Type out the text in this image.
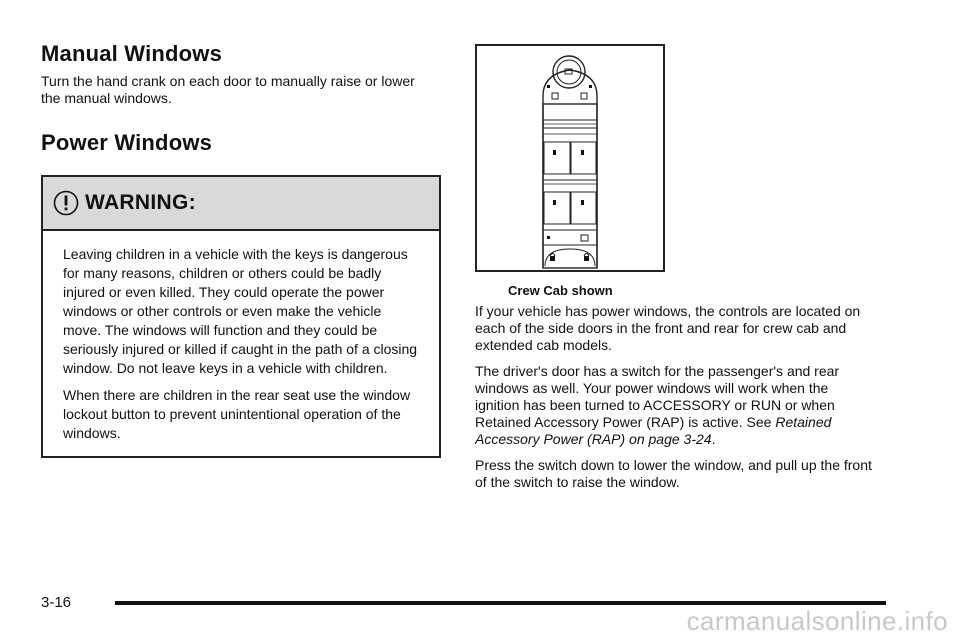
Manual Windows

Turn the hand crank on each door to manually raise or lower the manual windows.

Power Windows
WARNING:

Leaving children in a vehicle with the keys is dangerous for many reasons, children or others could be badly injured or even killed. They could operate the power windows or other controls or even make the vehicle move. The windows will function and they could be seriously injured or killed if caught in the path of a closing window. Do not leave keys in a vehicle with children.

When there are children in the rear seat use the window lockout button to prevent unintentional operation of the windows.

Crew Cab shown

If your vehicle has power windows, the controls are located on each of the side doors in the front and rear for crew cab and extended cab models.

The driver's door has a switch for the passenger's and rear windows as well. Your power windows will work when the ignition has been turned to ACCESSORY or RUN or when Retained Accessory Power (RAP) is active. See Retained Accessory Power (RAP) on page 3‑24.

Press the switch down to lower the window, and pull up the front of the switch to raise the window.

3-16
carmanualsonline.info
